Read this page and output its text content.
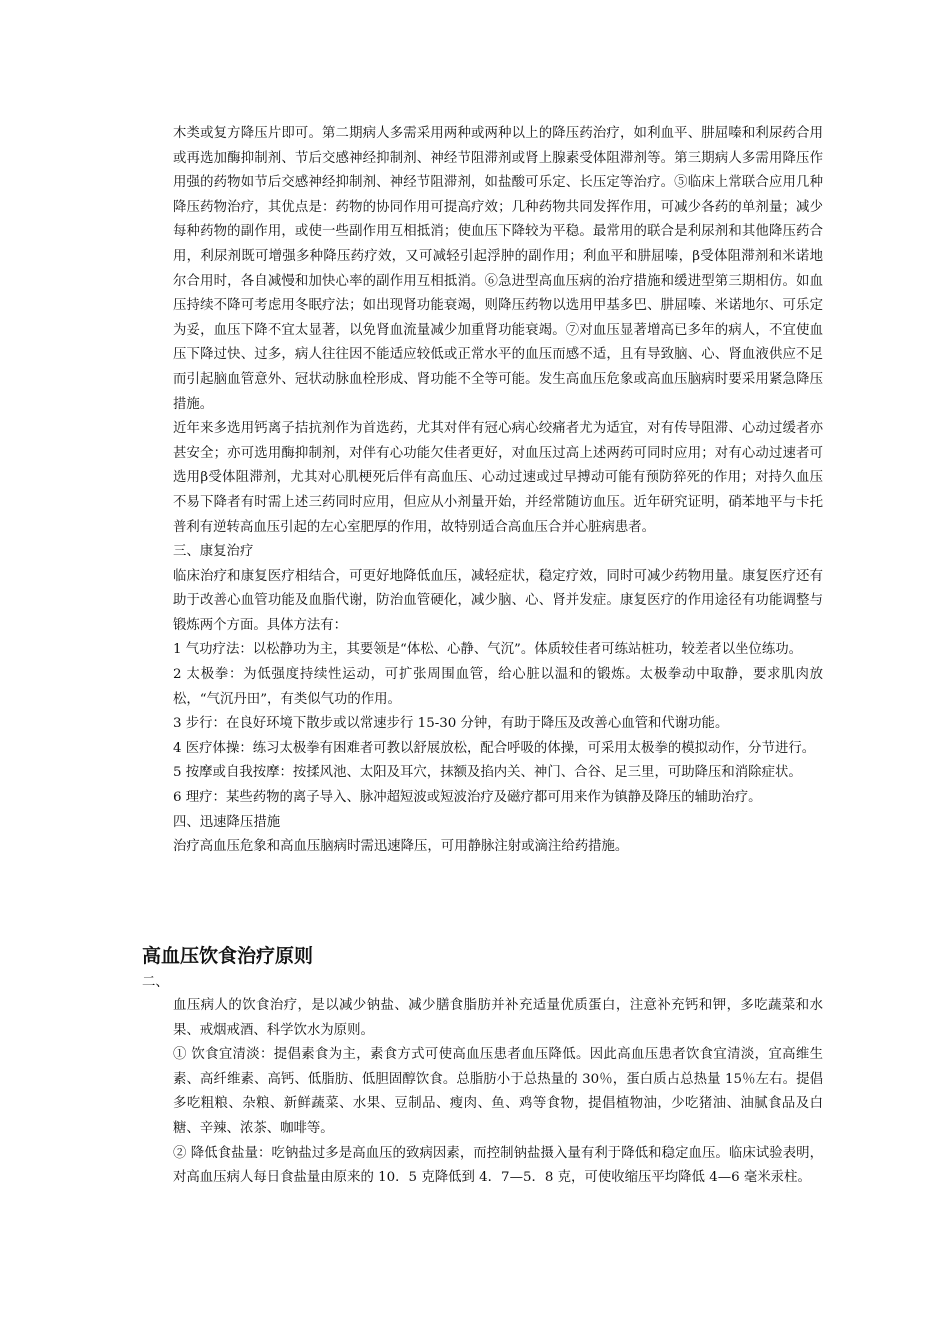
木类或复方降压片即可。第二期病人多需采用两种或两种以上的降压药治疗，如利血平、肼屈嗪和利尿药合用或再选加酶抑制剂、节后交感神经抑制剂、神经节阻滞剂或肾上腺素受体阻滞剂等。第三期病人多需用降压作用强的药物如节后交感神经抑制剂、神经节阻滞剂，如盐酸可乐定、长压定等治疗。⑤临床上常联合应用几种降压药物治疗，其优点是：药物的协同作用可提高疗效；几种药物共同发挥作用，可减少各药的单剂量；减少每种药物的副作用，或使一些副作用互相抵消；使血压下降较为平稳。最常用的联合是利尿剂和其他降压药合用，利尿剂既可增强多种降压药疗效，又可减轻引起浮肿的副作用；利血平和肼屈嗪，β受体阻滞剂和米诺地尔合用时，各自减慢和加快心率的副作用互相抵消。⑥急进型高血压病的治疗措施和缓进型第三期相仿。如血压持续不降可考虑用冬眠疗法；如出现肾功能衰竭，则降压药物以选用甲基多巴、肼屈嗪、米诺地尔、可乐定为妥，血压下降不宜太显著，以免肾血流量减少加重肾功能衰竭。⑦对血压显著增高已多年的病人，不宜使血压下降过快、过多，病人往往因不能适应较低或正常水平的血压而感不适，且有导致脑、心、肾血液供应不足而引起脑血管意外、冠状动脉血栓形成、肾功能不全等可能。发生高血压危象或高血压脑病时要采用紧急降压措施。

近年来多选用钙离子拮抗剂作为首选药，尤其对伴有冠心病心绞痛者尤为适宜，对有传导阻滞、心动过缓者亦甚安全；亦可选用酶抑制剂，对伴有心功能欠佳者更好，对血压过高上述两药可同时应用；对有心动过速者可选用β受体阻滞剂，尤其对心肌梗死后伴有高血压、心动过速或过早搏动可能有预防猝死的作用；对持久血压不易下降者有时需上述三药同时应用，但应从小剂量开始，并经常随访血压。近年研究证明，硝苯地平与卡托普利有逆转高血压引起的左心室肥厚的作用，故特别适合高血压合并心脏病患者。

三、康复治疗

临床治疗和康复医疗相结合，可更好地降低血压，减轻症状，稳定疗效，同时可减少药物用量。康复医疗还有助于改善心血管功能及血脂代谢，防治血管硬化，减少脑、心、肾并发症。康复医疗的作用途径有功能调整与锻炼两个方面。具体方法有：

1 气功疗法：以松静功为主，其要领是“体松、心静、气沉”。体质较佳者可练站桩功，较差者以坐位练功。

2 太极拳：为低强度持续性运动，可扩张周围血管，给心脏以温和的锻炼。太极拳动中取静，要求肌肉放松，“气沉丹田”，有类似气功的作用。

3 步行：在良好环境下散步或以常速步行 15-30 分钟，有助于降压及改善心血管和代谢功能。

4 医疗体操：练习太极拳有困难者可教以舒展放松，配合呼吸的体操，可采用太极拳的模拟动作，分节进行。

5 按摩或自我按摩：按揉风池、太阳及耳穴，抹额及掐内关、神门、合谷、足三里，可助降压和消除症状。

6 理疗：某些药物的离子导入、脉冲超短波或短波治疗及磁疗都可用来作为镇静及降压的辅助治疗。

四、迅速降压措施

治疗高血压危象和高血压脑病时需迅速降压，可用静脉注射或滴注给药措施。

高血压饮食治疗原则
二、

血压病人的饮食治疗，是以减少钠盐、减少膳食脂肪并补充适量优质蛋白，注意补充钙和钾，多吃蔬菜和水果、戒烟戒酒、科学饮水为原则。

① 饮食宜清淡：提倡素食为主，素食方式可使高血压患者血压降低。因此高血压患者饮食宜清淡，宜高维生素、高纤维素、高钙、低脂肪、低胆固醇饮食。总脂肪小于总热量的 30％，蛋白质占总热量 15％左右。提倡多吃粗粮、杂粮、新鲜蔬菜、水果、豆制品、瘦肉、鱼、鸡等食物，提倡植物油，少吃猪油、油腻食品及白糖、辛辣、浓茶、咖啡等。

② 降低食盐量：吃钠盐过多是高血压的致病因素，而控制钠盐摄入量有利于降低和稳定血压。临床试验表明，对高血压病人每日食盐量由原来的 10．5 克降低到 4．7—5．8 克，可使收缩压平均降低 4—6 毫米汞柱。
